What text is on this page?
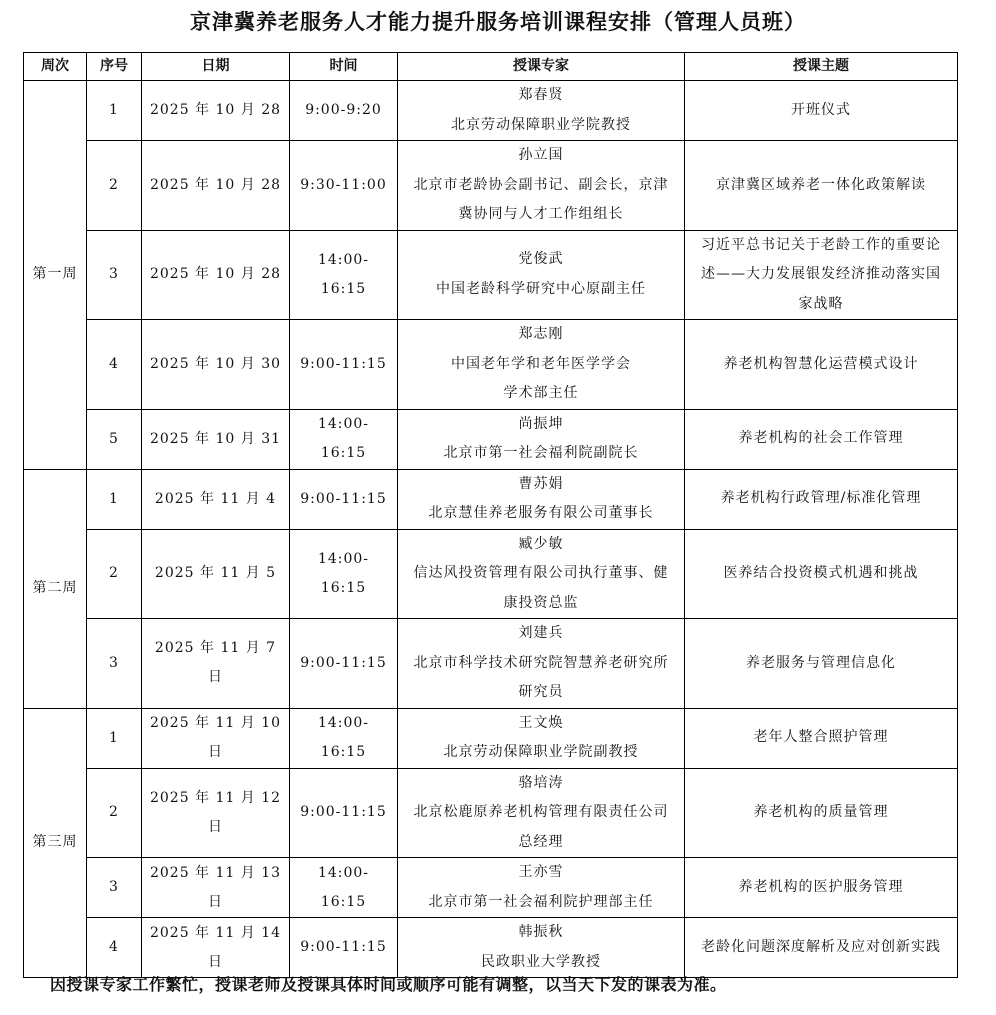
京津冀养老服务人才能力提升服务培训课程安排（管理人员班）
周次	序号	日期	时间	授课专家	授课主题
第一周	1	2025 年 10 月 28	9:00-9:20	郑春贤
北京劳动保障职业学院教授	开班仪式

	2	2025 年 10 月 28	9:30-11:00	孙立国
北京市老龄协会副书记、副会长，京津
冀协同与人才工作组组长	京津冀区域养老一体化政策解读

	3	2025 年 10 月 28	14:00-16:15	党俊武
中国老龄科学研究中心原副主任	习近平总书记关于老龄工作的重要论
述——大力发展银发经济推动落实国
家战略

	4	2025 年 10 月 30	9:00-11:15	郑志刚
中国老年学和老年医学学会
学术部主任	养老机构智慧化运营模式设计

	5	2025 年 10 月 31	14:00-16:15	尚振坤
北京市第一社会福利院副院长	养老机构的社会工作管理

第二周	1	2025 年 11 月 4	9:00-11:15	曹苏娟
北京慧佳养老服务有限公司董事长	养老机构行政管理/标准化管理

	2	2025 年 11 月 5	14:00-16:15	臧少敏
信达风投资管理有限公司执行董事、健
康投资总监	医养结合投资模式机遇和挑战

	3	2025 年 11 月 7 日	9:00-11:15	刘建兵
北京市科学技术研究院智慧养老研究所
研究员	养老服务与管理信息化

第三周	1	2025 年 11 月 10 日	14:00-16:15	王文焕
北京劳动保障职业学院副教授	老年人整合照护管理

	2	2025 年 11 月 12 日	9:00-11:15	骆培涛
北京松鹿原养老机构管理有限责任公司
总经理	养老机构的质量管理

	3	2025 年 11 月 13 日	14:00-16:15	王亦雪
北京市第一社会福利院护理部主任	养老机构的医护服务管理

	4	2025 年 11 月 14 日	9:00-11:15	韩振秋
民政职业大学教授	老龄化问题深度解析及应对创新实践
因授课专家工作繁忙，授课老师及授课具体时间或顺序可能有调整，以当天下发的课表为准。
